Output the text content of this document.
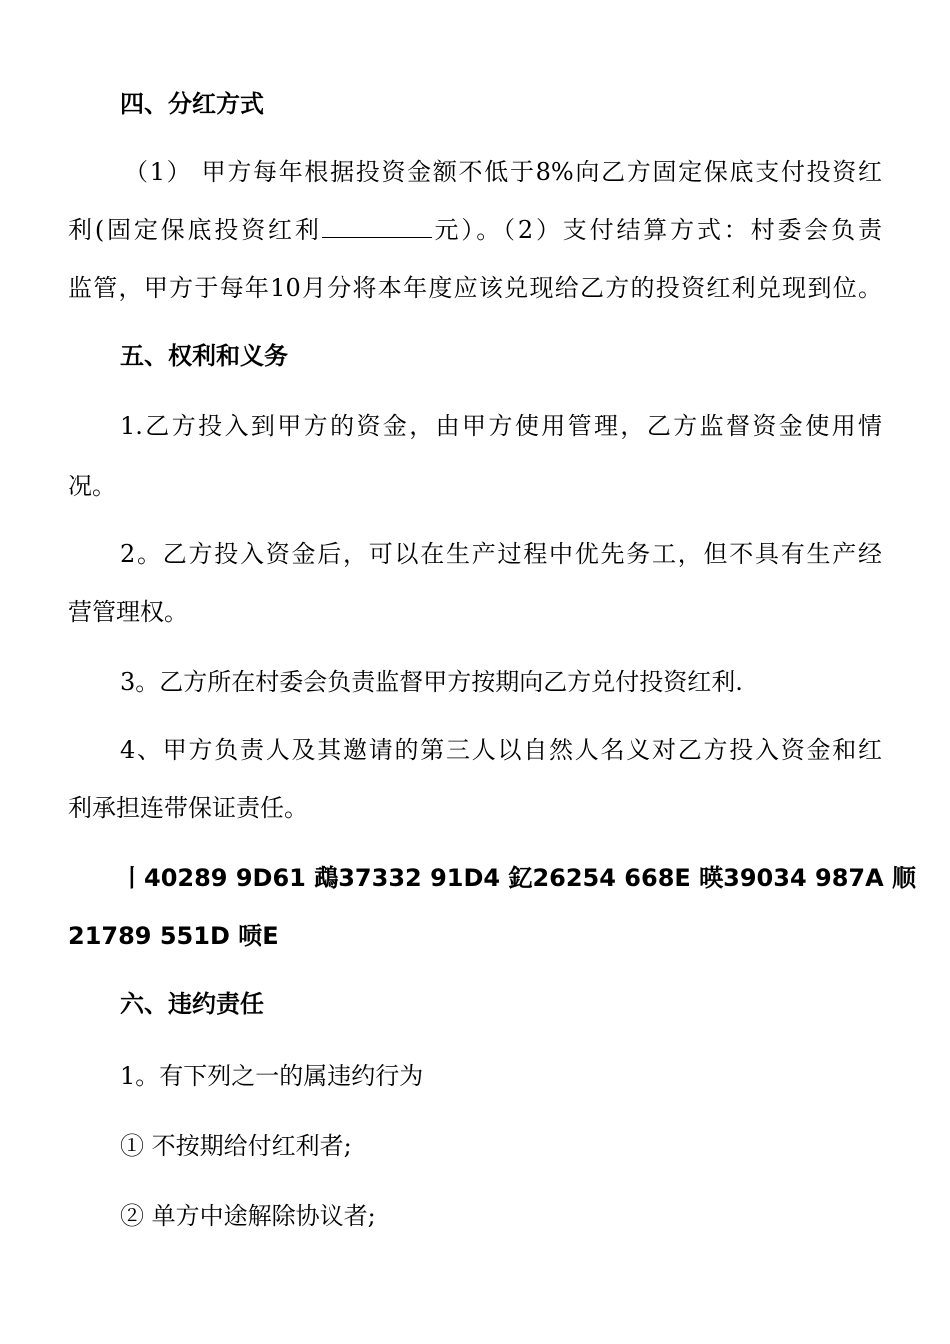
四、分红方式
（1） 甲方每年根据投资金额不低于8%向乙方固定保底支付投资红
利(固定保底投资红利	元）。（2）支付结算方式：村委会负责
监管，甲方于每年10月分将本年度应该兑现给乙方的投资红利兑现到位。
五、权利和义务
1.乙方投入到甲方的资金，由甲方使用管理，乙方监督资金使用情
况。
2。乙方投入资金后，可以在生产过程中优先务工，但不具有生产经
营管理权。
3。乙方所在村委会负责监督甲方按期向乙方兑付投资红利.
4、甲方负责人及其邀请的第三人以自然人名义对乙方投入资金和红
利承担连带保证责任。
丨40289 9D61 鵡37332 91D4 釔26254 668E 暎39034 987A 顺
21789 551D 唝E
六、违约责任
1。有下列之一的属违约行为
① 不按期给付红利者;
② 单方中途解除协议者;
